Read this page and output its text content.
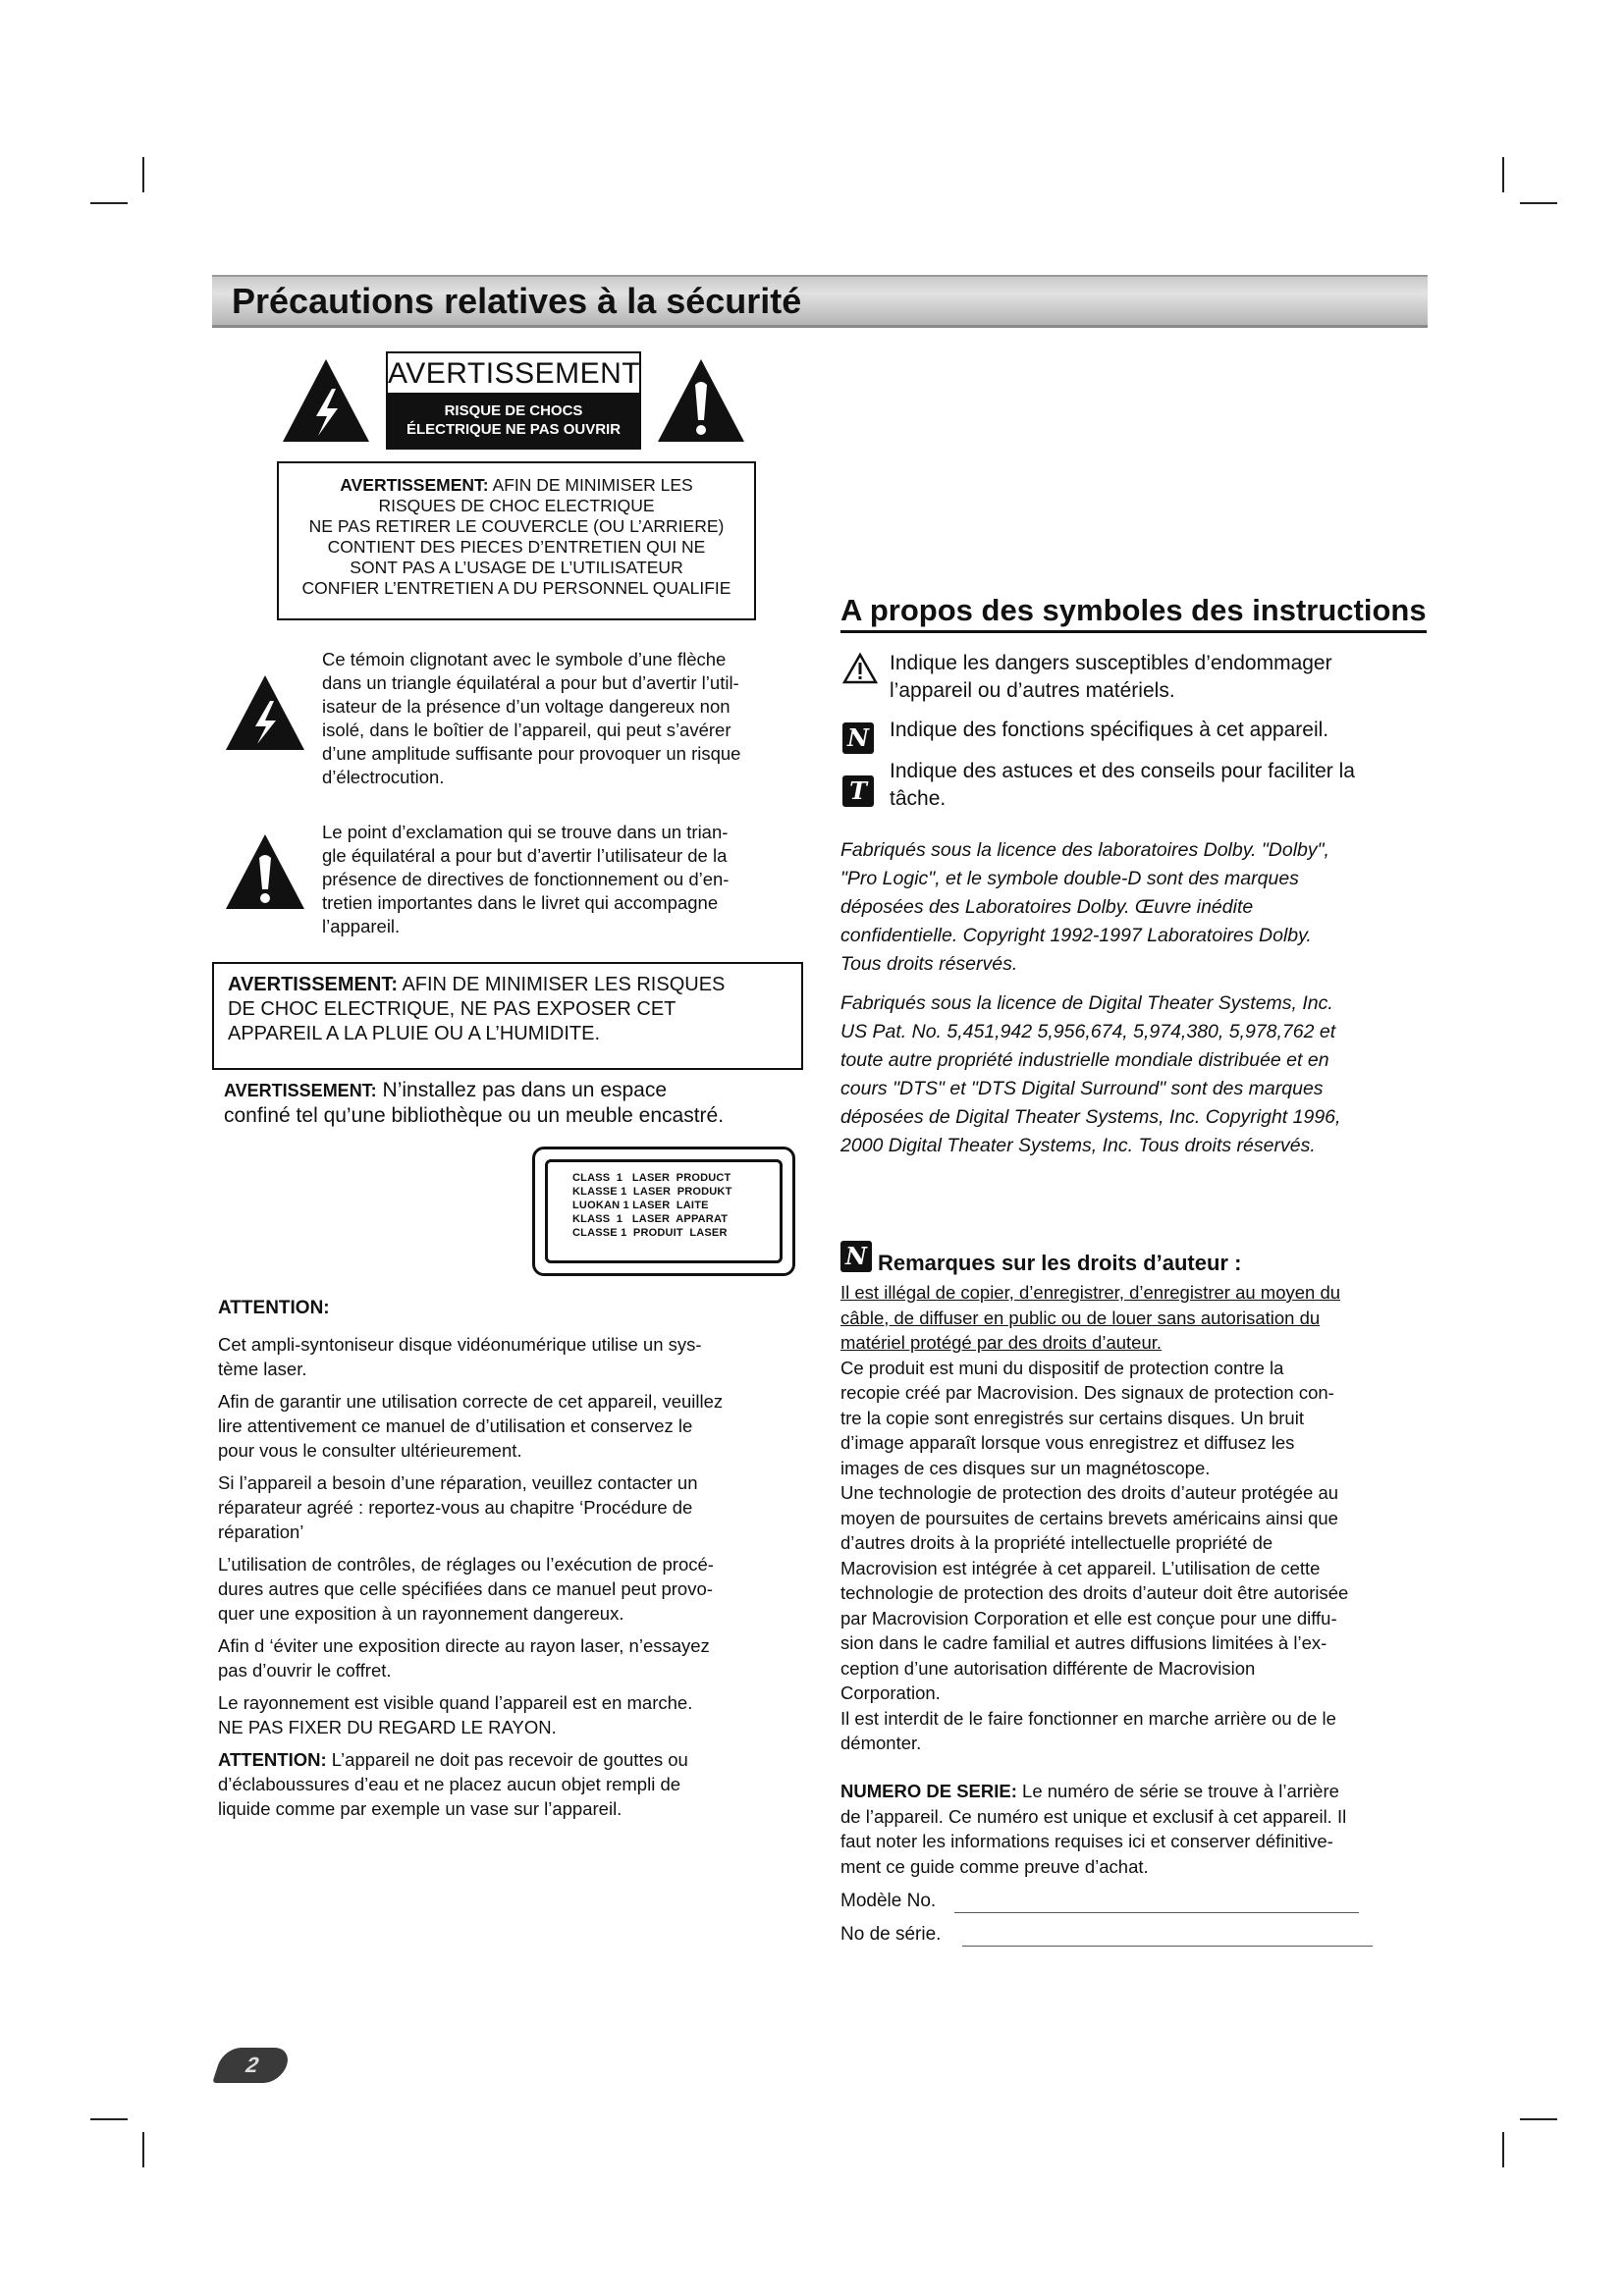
Précautions relatives à la sécurité
AVERTISSEMENT
RISQUE DE CHOCS
ÉLECTRIQUE NE PAS OUVRIR
AVERTISSEMENT: AFIN DE MINIMISER LES
RISQUES DE CHOC ELECTRIQUE
NE PAS RETIRER LE COUVERCLE (OU L’ARRIERE)
CONTIENT DES PIECES D’ENTRETIEN QUI NE
SONT PAS A L’USAGE DE L’UTILISATEUR
CONFIER L’ENTRETIEN A DU PERSONNEL QUALIFIE
Ce témoin clignotant avec le symbole d’une flèche
dans un triangle équilatéral a pour but d’avertir l’util-
isateur de la présence d’un voltage dangereux non
isolé, dans le boîtier de l’appareil, qui peut s’avérer
d’une amplitude suffisante pour provoquer un risque
d’électrocution.
Le point d’exclamation qui se trouve dans un trian-
gle équilatéral a pour but d’avertir l’utilisateur de la
présence de directives de fonctionnement ou d’en-
tretien importantes dans le livret qui accompagne
l’appareil.
AVERTISSEMENT: AFIN DE MINIMISER LES RISQUES
DE CHOC ELECTRIQUE, NE PAS EXPOSER CET
APPAREIL A LA PLUIE OU A L’HUMIDITE.
AVERTISSEMENT: N’installez pas dans un espace
confiné tel qu’une bibliothèque ou un meuble encastré.
CLASS  1   LASER  PRODUCT
KLASSE 1  LASER  PRODUKT
LUOKAN 1 LASER  LAITE
KLASS  1   LASER  APPARAT
CLASSE 1  PRODUIT  LASER
ATTENTION:
Cet ampli-syntoniseur disque vidéonumérique utilise un sys-
tème laser.
Afin de garantir une utilisation correcte de cet appareil, veuillez
lire attentivement ce manuel de d’utilisation et conservez le
pour vous le consulter ultérieurement.
Si l’appareil a besoin d’une réparation, veuillez contacter un
réparateur agréé : reportez-vous au chapitre ‘Procédure de
réparation’
L’utilisation de contrôles, de réglages ou l’exécution de procé-
dures autres que celle spécifiées dans ce manuel peut provo-
quer une exposition à un rayonnement dangereux.
Afin d ‘éviter une exposition directe au rayon laser, n’essayez
pas d’ouvrir le coffret.
Le rayonnement est visible quand l’appareil est en marche.
NE PAS FIXER DU REGARD LE RAYON.
ATTENTION: L’appareil ne doit pas recevoir de gouttes ou
d’éclaboussures d’eau et ne placez aucun objet rempli de
liquide comme par exemple un vase sur l’appareil.
A propos des symboles des instructions
Indique les dangers susceptibles d’endommager
l’appareil ou d’autres matériels.
N Indique des fonctions spécifiques à cet appareil.
T
Indique des astuces et des conseils pour faciliter la
tâche.
Fabriqués sous la licence des laboratoires Dolby. "Dolby",
"Pro Logic", et le symbole double-D sont des marques
déposées des Laboratoires Dolby. Œuvre inédite
confidentielle. Copyright 1992-1997 Laboratoires Dolby.
Tous droits réservés.
Fabriqués sous la licence de Digital Theater Systems, Inc.
US Pat. No. 5,451,942 5,956,674, 5,974,380, 5,978,762 et
toute autre propriété industrielle mondiale distribuée et en
cours "DTS" et "DTS Digital Surround" sont des marques
déposées de Digital Theater Systems, Inc. Copyright 1996,
2000 Digital Theater Systems, Inc. Tous droits réservés.
N Remarques sur les droits d’auteur :
Il est illégal de copier, d’enregistrer, d’enregistrer au moyen du
câble, de diffuser en public ou de louer sans autorisation du
matériel protégé par des droits d’auteur.
Ce produit est muni du dispositif de protection contre la
recopie créé par Macrovision. Des signaux de protection con-
tre la copie sont enregistrés sur certains disques. Un bruit
d’image apparaît lorsque vous enregistrez et diffusez les
images de ces disques sur un magnétoscope.
Une technologie de protection des droits d’auteur protégée au
moyen de poursuites de certains brevets américains ainsi que
d’autres droits à la propriété intellectuelle propriété de
Macrovision est intégrée à cet appareil. L’utilisation de cette
technologie de protection des droits d’auteur doit être autorisée
par Macrovision Corporation et elle est conçue pour une diffu-
sion dans le cadre familial et autres diffusions limitées à l’ex-
ception d’une autorisation différente de Macrovision
Corporation.
Il est interdit de le faire fonctionner en marche arrière ou de le
démonter.
NUMERO DE SERIE: Le numéro de série se trouve à l’arrière
de l’appareil. Ce numéro est unique et exclusif à cet appareil. Il
faut noter les informations requises ici et conserver définitive-
ment ce guide comme preuve d’achat.
Modèle No.
No de série.
2
